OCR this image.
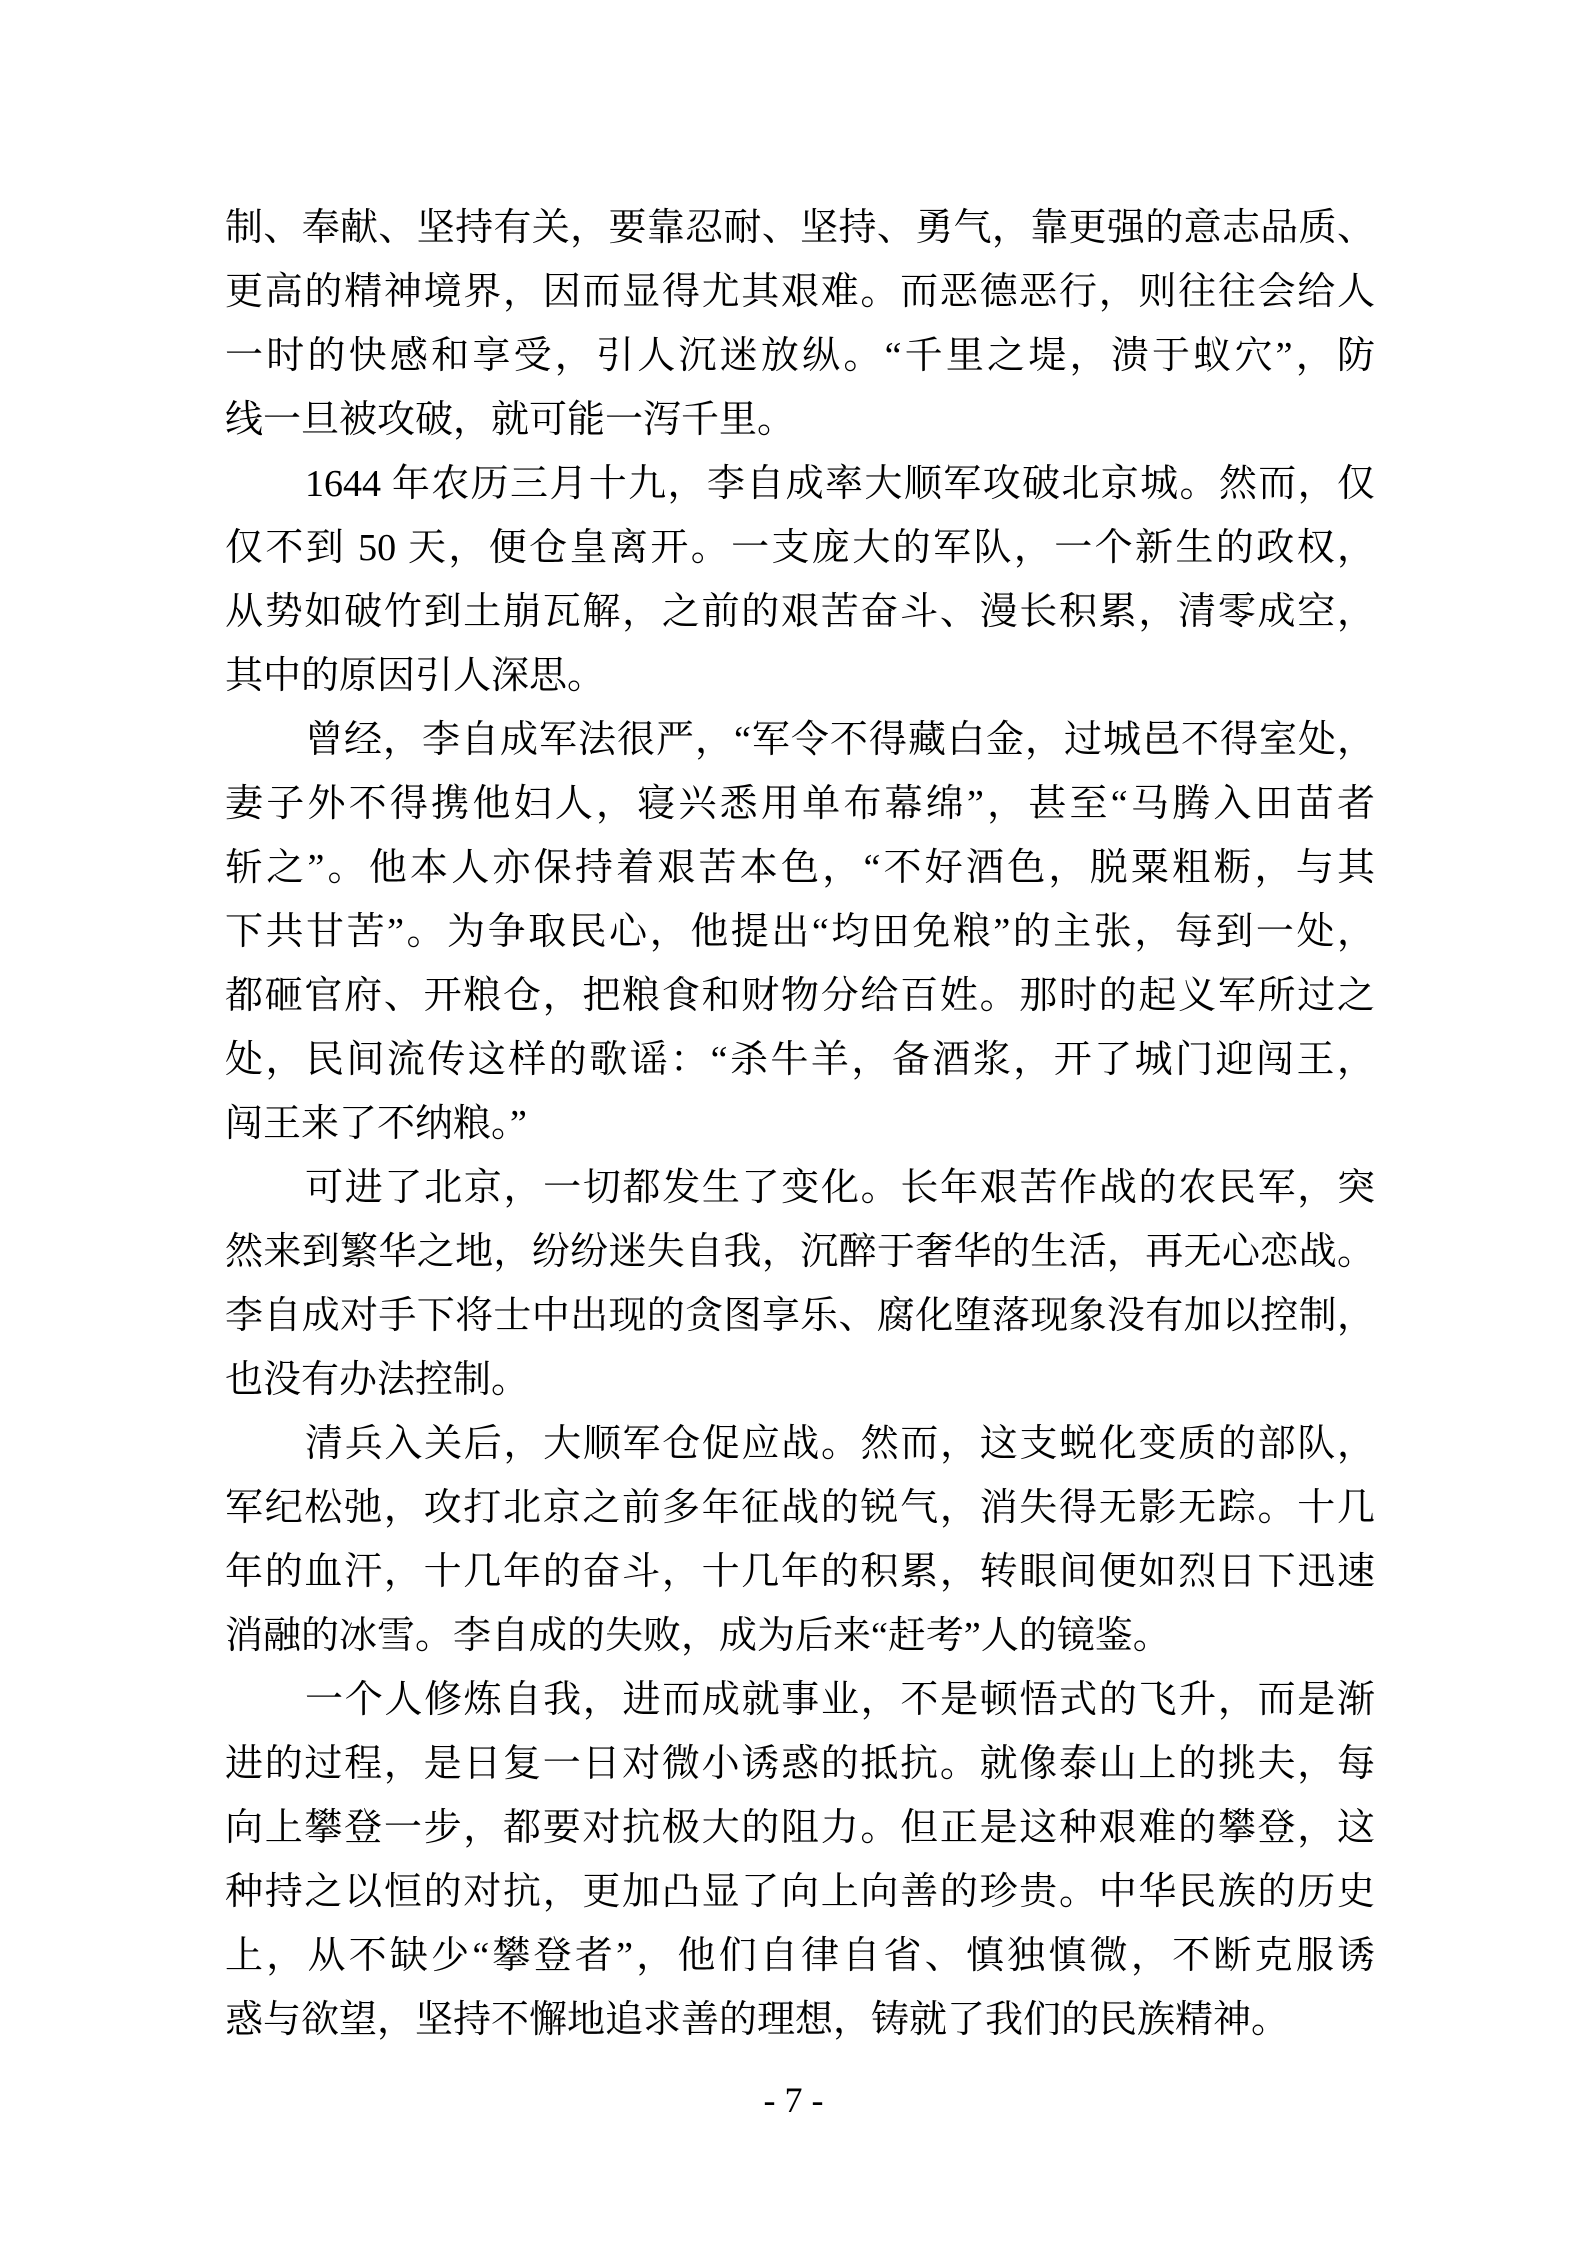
制、奉献、坚持有关，要靠忍耐、坚持、勇气，靠更强的意志品质、
更高的精神境界，因而显得尤其艰难。而恶德恶行，则往往会给人
一时的快感和享受，引人沉迷放纵。“千里之堤，溃于蚁穴”，防
线一旦被攻破，就可能一泻千里。
1644 年农历三月十九，李自成率大顺军攻破北京城。然而，仅
仅不到 50 天，便仓皇离开。一支庞大的军队，一个新生的政权，
从势如破竹到土崩瓦解，之前的艰苦奋斗、漫长积累，清零成空，
其中的原因引人深思。
曾经，李自成军法很严，“军令不得藏白金，过城邑不得室处，
妻子外不得携他妇人，寝兴悉用单布幕绵”，甚至“马腾入田苗者
斩之”。他本人亦保持着艰苦本色，“不好酒色，脱粟粗粝，与其
下共甘苦”。为争取民心，他提出“均田免粮”的主张，每到一处，
都砸官府、开粮仓，把粮食和财物分给百姓。那时的起义军所过之
处，民间流传这样的歌谣：“杀牛羊，备酒浆，开了城门迎闯王，
闯王来了不纳粮。”
可进了北京，一切都发生了变化。长年艰苦作战的农民军，突
然来到繁华之地，纷纷迷失自我，沉醉于奢华的生活，再无心恋战。
李自成对手下将士中出现的贪图享乐、腐化堕落现象没有加以控制，
也没有办法控制。
清兵入关后，大顺军仓促应战。然而，这支蜕化变质的部队，
军纪松弛，攻打北京之前多年征战的锐气，消失得无影无踪。十几
年的血汗，十几年的奋斗，十几年的积累，转眼间便如烈日下迅速
消融的冰雪。李自成的失败，成为后来“赶考”人的镜鉴。
一个人修炼自我，进而成就事业，不是顿悟式的飞升，而是渐
进的过程，是日复一日对微小诱惑的抵抗。就像泰山上的挑夫，每
向上攀登一步，都要对抗极大的阻力。但正是这种艰难的攀登，这
种持之以恒的对抗，更加凸显了向上向善的珍贵。中华民族的历史
上，从不缺少“攀登者”，他们自律自省、慎独慎微，不断克服诱
惑与欲望，坚持不懈地追求善的理想，铸就了我们的民族精神。
- 7 -
